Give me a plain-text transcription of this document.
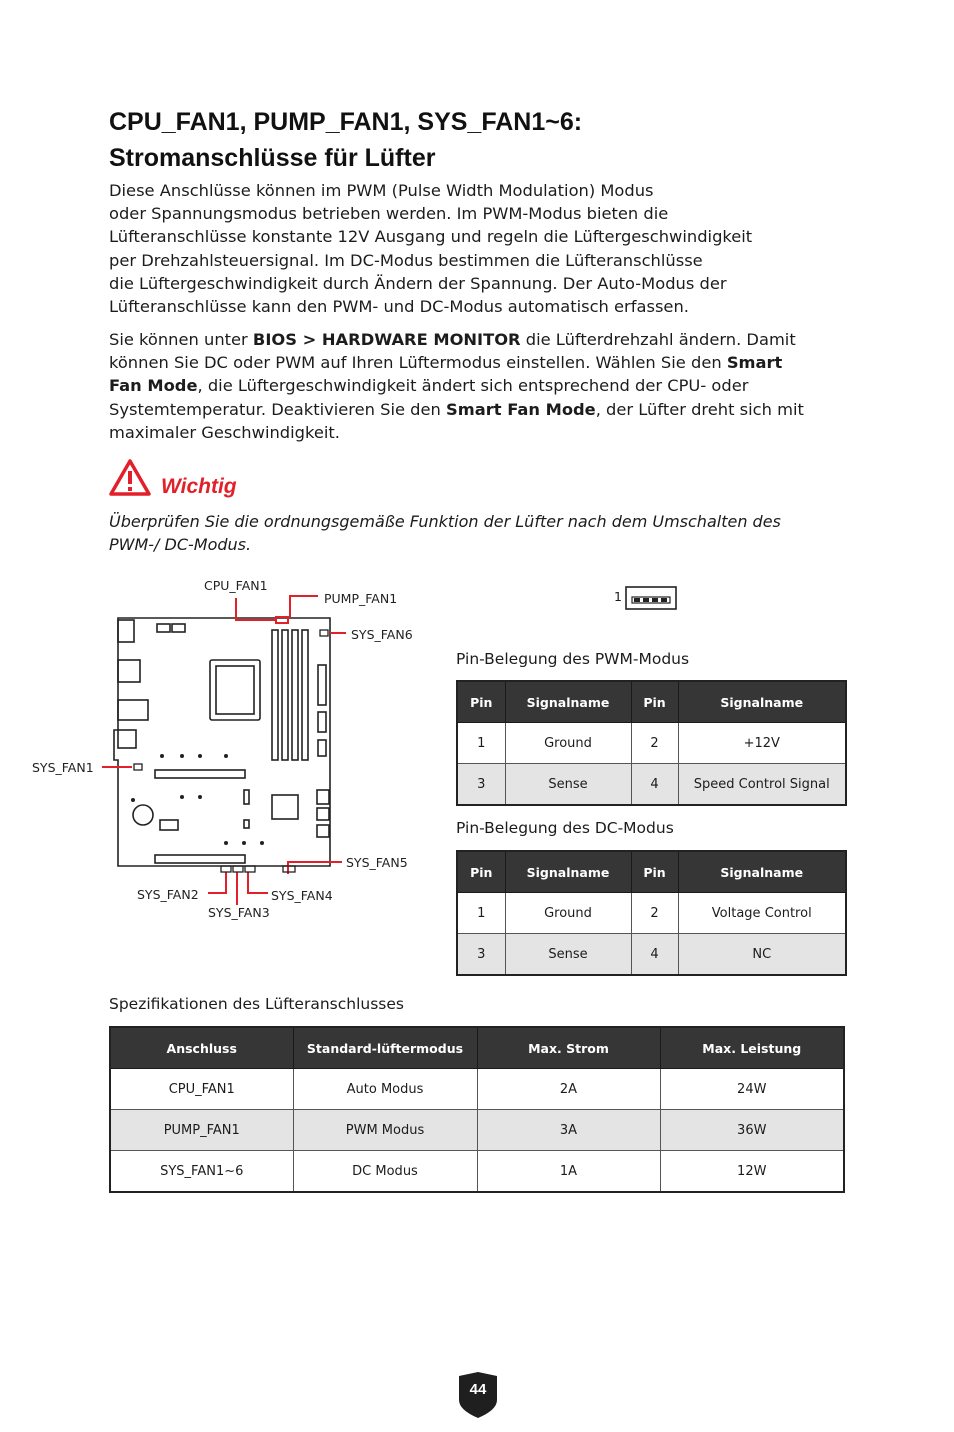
CPU_FAN1, PUMP_FAN1, SYS_FAN1~6:
Stromanschlüsse für Lüfter
Diese Anschlüsse können im PWM (Pulse Width Modulation) Modus
oder Spannungsmodus betrieben werden. Im PWM-Modus bieten die
Lüfteranschlüsse konstante 12V Ausgang und regeln die Lüftergeschwindigkeit
per Drehzahlsteuersignal. Im DC-Modus bestimmen die Lüfteranschlüsse
die Lüftergeschwindigkeit durch Ändern der Spannung. Der Auto-Modus der
Lüfteranschlüsse kann den PWM- und DC-Modus automatisch erfassen.
Sie können unter BIOS > HARDWARE MONITOR die Lüfterdrehzahl ändern. Damit
können Sie DC oder PWM auf Ihren Lüftermodus einstellen. Wählen Sie den Smart
Fan Mode, die Lüftergeschwindigkeit ändert sich entsprechend der CPU- oder
Systemtemperatur. Deaktivieren Sie den Smart Fan Mode, der Lüfter dreht sich mit
maximaler Geschwindigkeit.
Wichtig
Überprüfen Sie die ordnungsgemäße Funktion der Lüfter nach dem Umschalten des
PWM-/ DC-Modus.
CPU_FAN1
PUMP_FAN1
SYS_FAN6
SYS_FAN1
SYS_FAN5
SYS_FAN2	SYS_FAN4
SYS_FAN3
1
Pin-Belegung des PWM-Modus
Pin	Signalname	Pin	Signalname
1	Ground	2	+12V
3	Sense	4	Speed Control Signal
Pin-Belegung des DC-Modus
Pin	Signalname	Pin	Signalname
1	Ground	2	Voltage Control
3	Sense	4	NC
Spezifikationen des Lüfteranschlusses
Anschluss	Standard-lüftermodus	Max. Strom	Max. Leistung
CPU_FAN1	Auto Modus	2A	24W
PUMP_FAN1	PWM Modus	3A	36W
SYS_FAN1~6	DC Modus	1A	12W
44
